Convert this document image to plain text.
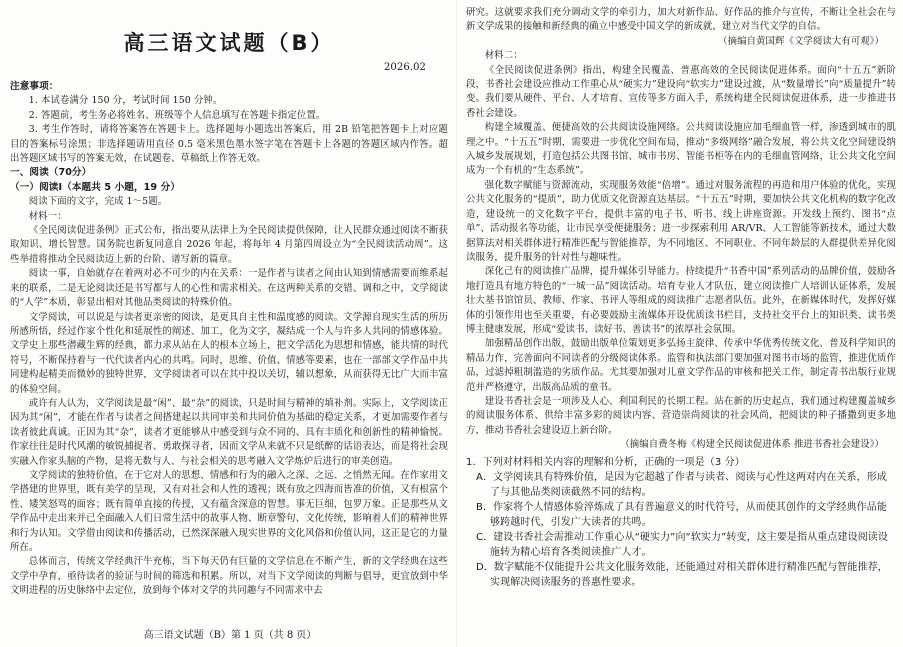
高三语文试题（B）
2026.02
注意事项：

1. 本试卷满分 150 分，考试时间 150 分钟。

2. 答题前，考生务必将姓名、班级等个人信息填写在答题卡指定位置。

3. 考生作答时，请将答案答在答题卡上。选择题每小题选出答案后，用 2B 铅笔把答题卡上对应题目的答案标号涂黑；非选择题请用直径 0.5 毫米黑色墨水签字笔在答题卡上各题的答题区域内作答。超出答题区域书写的答案无效，在试题卷、草稿纸上作答无效。

一、阅读（70分）
（一）阅读Ⅰ（本题共 5 小题，19 分）

阅读下面的文字，完成 1～5题。

材料一：

《全民阅读促进条例》正式公布，指出要从法律上为全民阅读提供保障，让人民群众通过阅读不断获取知识、增长智慧。国务院也新复同意自 2026 年起，将每年 4 月第四周设立为“全民阅读活动周”。这些举措将推动全民阅读迈上新的台阶、谱写新的篇章。

阅读一事，自始就存在着两对必不可少的内在关系：一是作者与读者之间由认知到情感需要而维系起来的联系，二是无论阅读还是书写都与人的心性和需求相关。在这两种关系的交错、调和之中，文学阅读的“人学”本质，彰显出相对其他品类阅读的特殊价值。

文学阅读，可以说是与读者更亲密的阅读，是更具自主性和温度感的阅读。文学源自现实生活的所历所感所悟，经过作家个性化和延展性的阐述、加工，化为文字，凝结成一个人与许多人共同的情感体验。文学史上那些潜藏生辉的经典，都力求从站在人的根本立场上，把文学活化为思想和情感，能共情的时代符号，不断保持着与一代代读者内心的共鸣。同时，思维、价值、情感等要素，也在一部部文学作品中共同建构起精美而微妙的独特世界，文学阅读者可以在其中投以关切，辅以想象，从而获得无比广大而丰富的体验空间。

或许有人认为，文学阅读是最“闲”、最“杂”的阅读，只是时间与精神的填补剂。实际上，文学阅读正因为其“闲”，才能在作者与读者之间搭建起以共同审美和共同价值为基础的稳定关系，才更加需要作者与读者彼此真诚。正因为其“杂”，读者才更能够从中感受到与众不同的、具有丰质化和创新性的精神愉悦。作家往往是时代风潮的敏锐捕捉者、勇敢探寻者，因而文学从来就不只是纸醉的话语表达，而是将社会现实融入作家头脑的产物，是将无数与人、与社会相关的思考融入文学炼炉后进行的审美创造。

文学阅读的独特价值，在于它对人的思想、情感和行为的融入之深、之远、之悄然无闻。在作家用文学搭建的世界里，既有美学的呈现，又有对社会和人性的透视；既有放之四海而皆准的价值，又有根富个性、矮笑怒骂的面容；既有简单直接的传授，又有蕴含深意的智慧。事无巨细，包罗万象。正是那些从文学作品中走出来并已全面融入人们日常生活中的故事人物、断章警句、文化传统，影响着人们的精神世界和行为认知。文学借由阅读和传播活动，已然深深融入现实世界的文化风俗和价值认同，这正是它的力量所在。

总体而言，传统文学经典汗牛充栋，当下每天仍有巨量的文学信息在不断产生，新的文学经典在这些文学中孕育，亟待读者的验证与时间的筛选和积累。所以，对当下文学阅读的判断与倡导，更宜放到中华文明进程的历史脉络中去定位，放到每个体对文学的共同趣与不同需求中去

研究。这就要求我们充分调动文学的牵引力，加大对新作品、好作品的推介与宣传，不断让全社会在与新文学成果的接触和新经典的确立中感受中国文学的新成就，建立对当代文学的自信。

（摘编自黄国辉《文学阅读大有可观》）

材料二：

《全民阅读促进条例》指出，构建全民覆盖、普惠高效的全民阅读促进体系。面向“十五五”新阶段，书香社会建设应推动工作重心从“硬实力”建设向“软实力”建设过渡，从“数量增长”向“质量提升”转变。我们要从硬件、平台、人才培育、宣传等多方面入手，系统构建全民阅读促进体系，进一步推进书香社会建设。

构建全域覆盖、便捷高效的公共阅读设施网络。公共阅读设施应加毛细血管一样，渗透到城市的肌理之中。“十五五”时期，需要进一步优化空间布局，推动“多级网络”融合发展，将公共文化空间建设纳入城乡发展规划，打造包括公共图书馆、城市书房、智能书柜等在内的毛细血管网络，让公共文化空间成为一个有机的“生态系统”。

强化数字赋能与资源流动，实现服务效能“倍增”。通过对服务流程的再造和用户体验的优化，实现公共文化服务的“提质”，助力优质文化资源直达基层。“十五五”时期，要加快公共文化机构的数字化改造，建设统一的文化数字平台，提供丰富的电子书、听书、线上讲座资源。开发线上预约、图书“点单”、活动报名等功能，让市民享受便捷服务；进一步探索利用 AR/VR、人工智能等新技术，通过大数据算法对相关群体进行精准匹配与智能推荐，为不同地区、不同职业、不同年龄层的人群提供差异化阅读服务，提升服务的针对性与趣味性。

深化己有的阅读推广品牌，提升媒体引导能力。持续提升“书香中国”系列活动的品牌价值，鼓励各地打造具有地方特色的“一城一品”阅读活动。培育专业人才队伍，建立阅读推广人培训认证体系，发展壮大基书馆馆员、教师、作家、书评人等组成的阅读推广志愿者队伍。此外，在新媒体时代，发挥好媒体的引领作用也至关重要，有必要鼓励主流媒体开设优质读书栏目，支持社交平台上的知识类、读书类博主健康发展，形成“爱读书、读好书、善读书”的浓厚社会氛围。

加强精品创作出版，鼓励出版单位策划更多弘扬主旋律、传承中华优秀传统文化、普及科学知识的精品力作，完善面向不同读者的分级阅读体系。监管和执法部门要加强对图书市场的监管，推进优质作品，过滤掉粗制滥造的劣质作品。尤其要加强对儿童文学作品的审核和把关工作，制定青书出版行业规范并严格遵守，出版高品质的童书。

建设书香社会是一项涉及人心、利国利民的长期工程。站在新的历史起点，我们通过构建覆盖城乡的阅读服务体系、供给丰富多彩的阅读内容、营造崇尚阅读的社会风尚，把阅读的种子播撒到更多地方，推动书香社会建设迈上新台阶。

（摘编自费冬梅《构建全民阅读促进体系 推进书香社会建设》）

1．下列对材料相关内容的理解和分析，正确的一项是（3 分）

A．文学阅读具有特殊价值，是因为它超越了作者与读者、阅读与心性这两对内在关系，形成了与其他品类阅读截然不同的结构。

B．作家将个人情感体验淬炼成了具有普遍意义的时代符号，从而使其创作的文学经典作品能够跨越时代，引发广大读者的共鸣。

C．建设书香社会需推动工作重心从“硬实力”向“软实力”转变，这主要是指从重点建设阅读设施转为精心培育各类阅读推广人才。

D．数字赋能不仅能提升公共文化服务效能，还能通过对相关群体进行精准匹配与智能推荐，实现解决阅读服务的普惠性要求。

高三语文试题（B）第 1 页（共 8 页）
